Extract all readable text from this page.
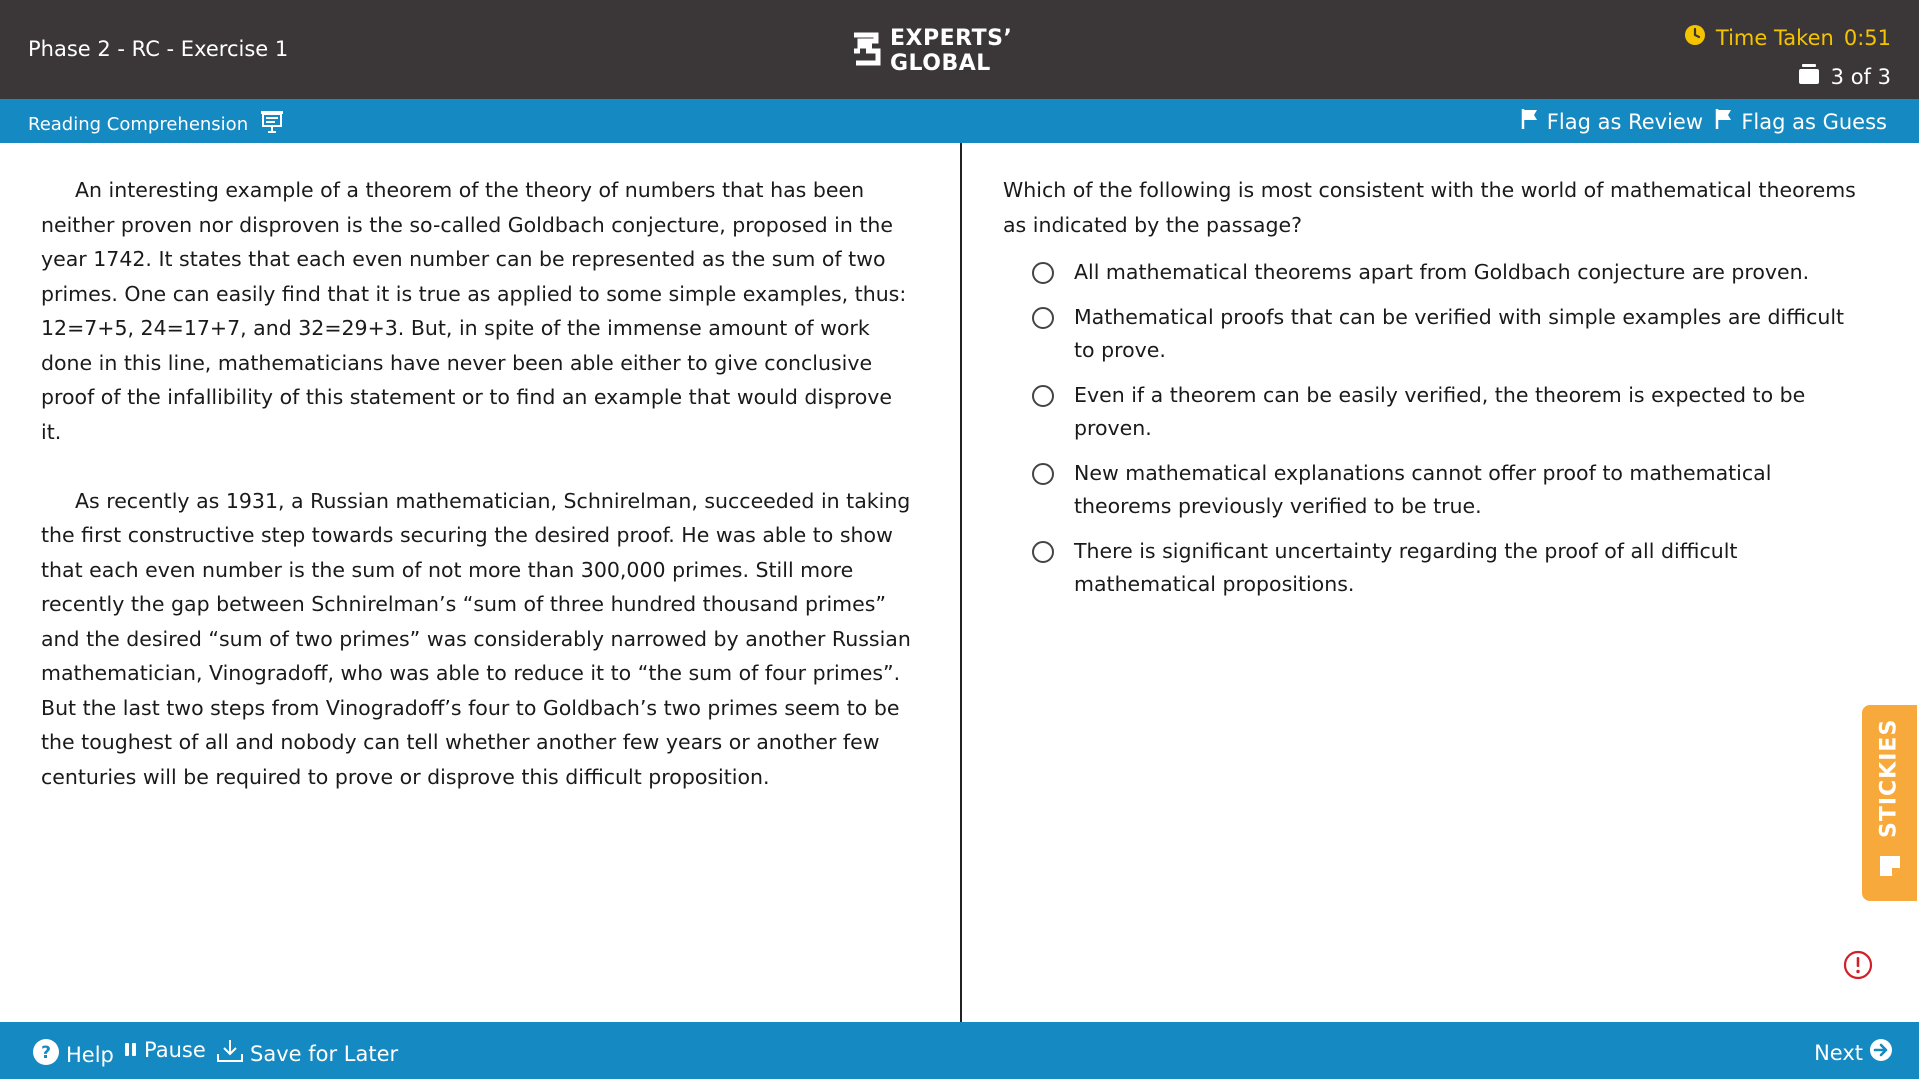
Phase 2 - RC - Exercise 1	EXPERTS’
GLOBAL
Time Taken 0:51
3 of 3
Reading Comprehension	Flag as Review Flag as Guess

An interesting example of a theorem of the theory of numbers that has been neither proven nor disproven is the so-called Goldbach conjecture, proposed in the year 1742. It states that each even number can be represented as the sum of two primes. One can easily find that it is true as applied to some simple examples, thus: 12=7+5, 24=17+7, and 32=29+3. But, in spite of the immense amount of work done in this line, mathematicians have never been able either to give conclusive proof of the infallibility of this statement or to find an example that would disprove it.

As recently as 1931, a Russian mathematician, Schnirelman, succeeded in taking the first constructive step towards securing the desired proof. He was able to show that each even number is the sum of not more than 300,000 primes. Still more recently the gap between Schnirelman’s “sum of three hundred thousand primes” and the desired “sum of two primes” was considerably narrowed by another Russian mathematician, Vinogradoff, who was able to reduce it to “the sum of four primes”. But the last two steps from Vinogradoff’s four to Goldbach’s two primes seem to be the toughest of all and nobody can tell whether another few years or another few centuries will be required to prove or disprove this difficult proposition.

Which of the following is most consistent with the world of mathematical theorems as indicated by the passage?
All mathematical theorems apart from Goldbach conjecture are proven.
Mathematical proofs that can be verified with simple examples are difficult to prove.
Even if a theorem can be easily verified, the theorem is expected to be proven.
New mathematical explanations cannot offer proof to mathematical theorems previously verified to be true.
There is significant uncertainty regarding the proof of all difficult mathematical propositions.
STICKIES
? Help Pause Save for Later	Next
